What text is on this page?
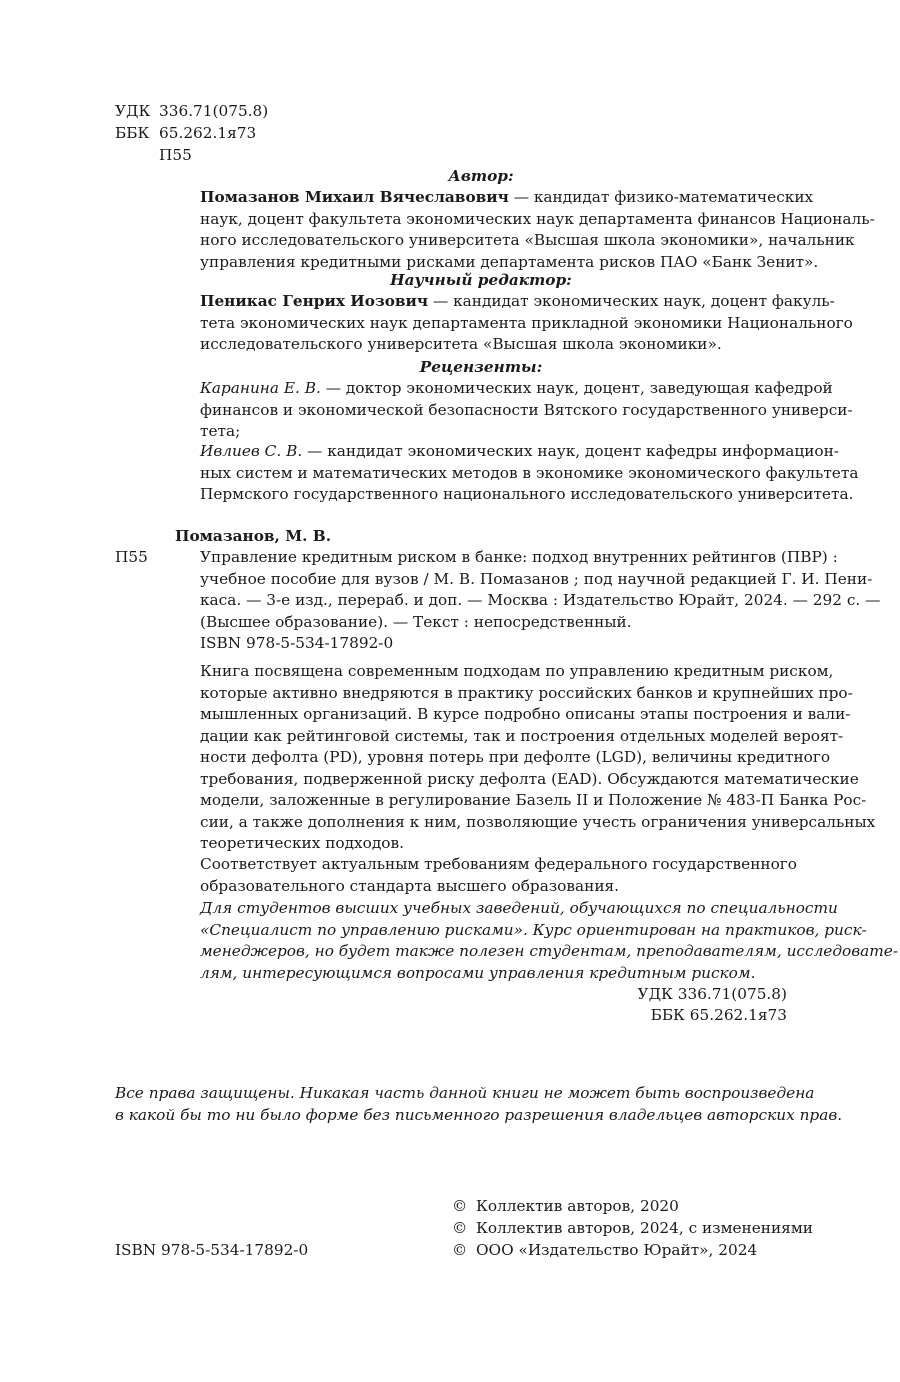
УДК 336.71(075.8)
ББК 65.262.1я73
П55
Автор:
Помазанов Михаил Вячеславович — кандидат физико-математических
наук, доцент факультета экономических наук департамента финансов Националь-
ного исследовательского университета «Высшая школа экономики», начальник
управления кредитными рисками департамента рисков ПАО «Банк Зенит».
Научный редактор:
Пеникас Генрих Иозович — кандидат экономических наук, доцент факуль-
тета экономических наук департамента прикладной экономики Национального
исследовательского университета «Высшая школа экономики».
Рецензенты:
Каранина Е. В. — доктор экономических наук, доцент, заведующая кафедрой
финансов и экономической безопасности Вятского государственного универси-
тета;
Ивлиев С. В. — кандидат экономических наук, доцент кафедры информацион-
ных систем и математических методов в экономике экономического факультета
Пермского государственного национального исследовательского университета.
Помазанов, М. В.
П55	Управление кредитным риском в банке: подход внутренних рейтингов (ПВР) :
учебное пособие для вузов / М. В. Помазанов ; под научной редакцией Г. И. Пени-
каса. — 3-е изд., перераб. и доп. — Москва : Издательство Юрайт, 2024. — 292 с. —
(Высшее образование). — Текст : непосредственный.
ISBN 978-5-534-17892-0
Книга посвящена современным подходам по управлению кредитным риском,
которые активно внедряются в практику российских банков и крупнейших про-
мышленных организаций. В курсе подробно описаны этапы построения и вали-
дации как рейтинговой системы, так и построения отдельных моделей вероят-
ности дефолта (PD), уровня потерь при дефолте (LGD), величины кредитного
требования, подверженной риску дефолта (EAD). Обсуждаются математические
модели, заложенные в регулирование Базель II и Положение № 483-П Банка Рос-
сии, а также дополнения к ним, позволяющие учесть ограничения универсальных
теоретических подходов.
Соответствует актуальным требованиям федерального государственного
образовательного стандарта высшего образования.
Для студентов высших учебных заведений, обучающихся по специальности
«Специалист по управлению рисками». Курс ориентирован на практиков, риск-
менеджеров, но будет также полезен студентам, преподавателям, исследовате-
лям, интересующимся вопросами управления кредитным риском.
УДК 336.71(075.8)
ББК 65.262.1я73
Все права защищены. Никакая часть данной книги не может быть воспроизведена
в какой бы то ни было форме без письменного разрешения владельцев авторских прав.
© Коллектив авторов, 2020
© Коллектив авторов, 2024, с изменениями
© ООО «Издательство Юрайт», 2024
ISBN 978-5-534-17892-0
